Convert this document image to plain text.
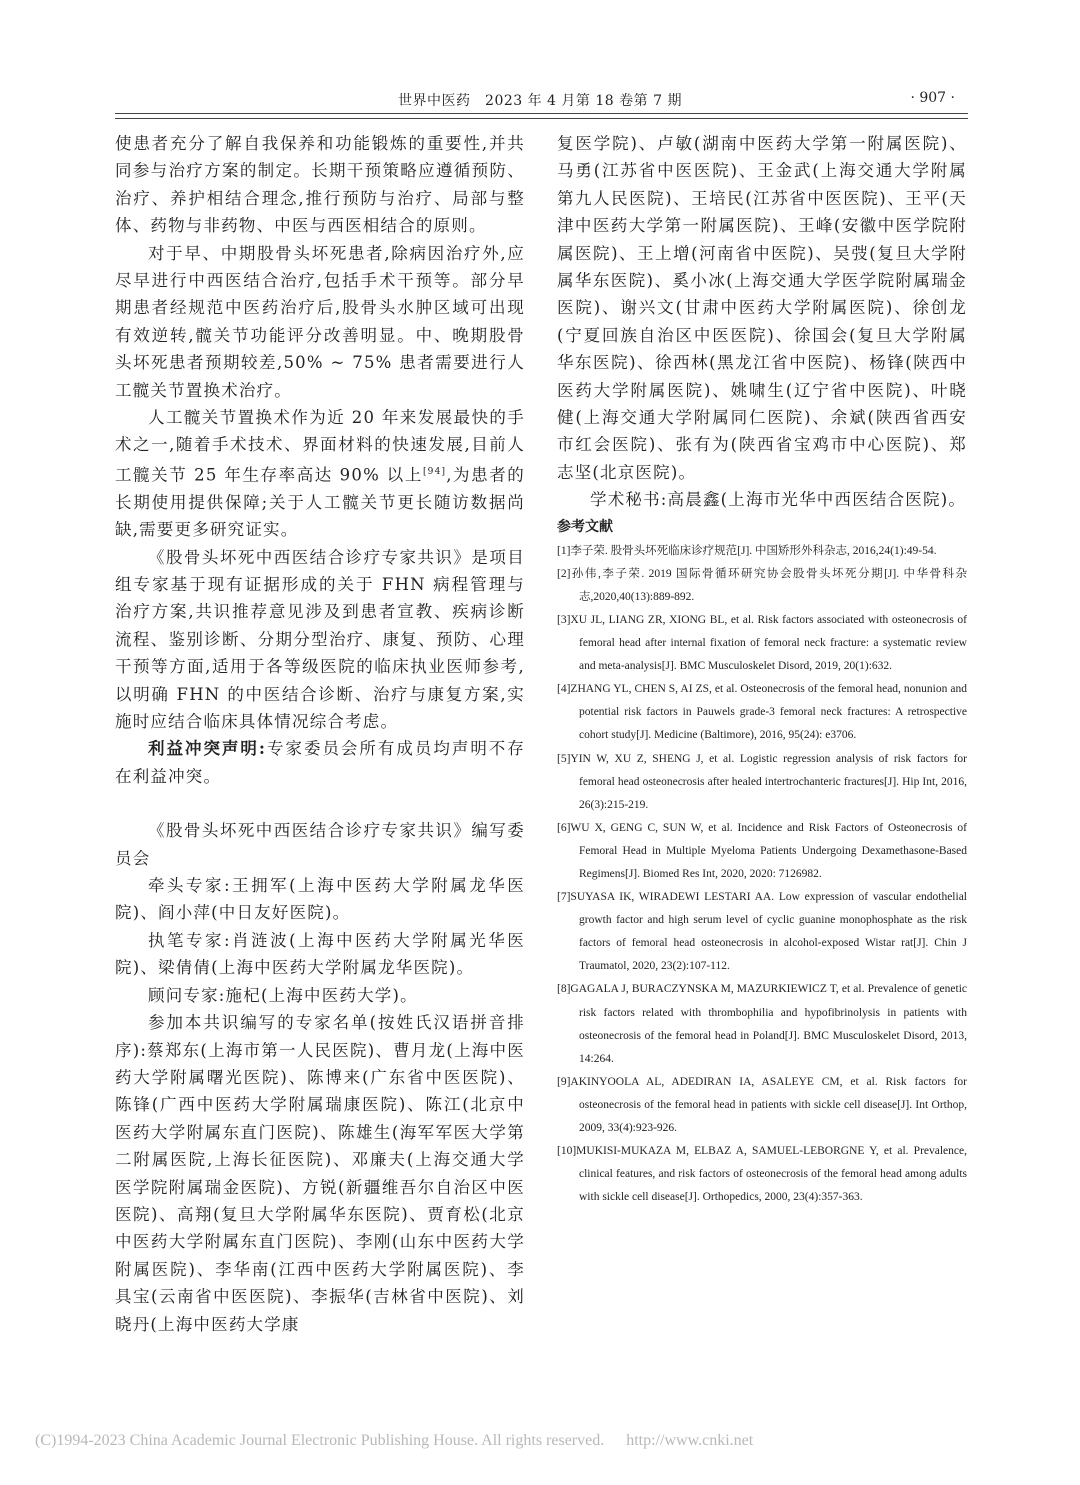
世界中医药　2023 年 4 月第 18 卷第 7 期	· 907 ·

使患者充分了解自我保养和功能锻炼的重要性,并共同参与治疗方案的制定。长期干预策略应遵循预防、治疗、养护相结合理念,推行预防与治疗、局部与整体、药物与非药物、中医与西医相结合的原则。

对于早、中期股骨头坏死患者,除病因治疗外,应尽早进行中西医结合治疗,包括手术干预等。部分早期患者经规范中医药治疗后,股骨头水肿区域可出现有效逆转,髋关节功能评分改善明显。中、晚期股骨头坏死患者预期较差,50% ~ 75% 患者需要进行人工髋关节置换术治疗。

人工髋关节置换术作为近 20 年来发展最快的手术之一,随着手术技术、界面材料的快速发展,目前人工髋关节 25 年生存率高达 90% 以上[94],为患者的长期使用提供保障;关于人工髋关节更长随访数据尚缺,需要更多研究证实。

《股骨头坏死中西医结合诊疗专家共识》是项目组专家基于现有证据形成的关于 FHN 病程管理与治疗方案,共识推荐意见涉及到患者宣教、疾病诊断流程、鉴别诊断、分期分型治疗、康复、预防、心理干预等方面,适用于各等级医院的临床执业医师参考,以明确 FHN 的中医结合诊断、治疗与康复方案,实施时应结合临床具体情况综合考虑。

利益冲突声明:专家委员会所有成员均声明不存在利益冲突。

《股骨头坏死中西医结合诊疗专家共识》编写委员会

牵头专家:王拥军(上海中医药大学附属龙华医院)、阎小萍(中日友好医院)。

执笔专家:肖涟波(上海中医药大学附属光华医院)、梁倩倩(上海中医药大学附属龙华医院)。

顾问专家:施杞(上海中医药大学)。

参加本共识编写的专家名单(按姓氏汉语拼音排序):蔡郑东(上海市第一人民医院)、曹月龙(上海中医药大学附属曙光医院)、陈博来(广东省中医医院)、陈锋(广西中医药大学附属瑞康医院)、陈江(北京中医药大学附属东直门医院)、陈雄生(海军军医大学第二附属医院,上海长征医院)、邓廉夫(上海交通大学医学院附属瑞金医院)、方锐(新疆维吾尔自治区中医医院)、高翔(复旦大学附属华东医院)、贾育松(北京中医药大学附属东直门医院)、李刚(山东中医药大学附属医院)、李华南(江西中医药大学附属医院)、李具宝(云南省中医医院)、李振华(吉林省中医院)、刘晓丹(上海中医药大学康

复医学院)、卢敏(湖南中医药大学第一附属医院)、马勇(江苏省中医医院)、王金武(上海交通大学附属第九人民医院)、王培民(江苏省中医医院)、王平(天津中医药大学第一附属医院)、王峰(安徽中医学院附属医院)、王上增(河南省中医院)、吴弢(复旦大学附属华东医院)、奚小冰(上海交通大学医学院附属瑞金医院)、谢兴文(甘肃中医药大学附属医院)、徐创龙(宁夏回族自治区中医医院)、徐国会(复旦大学附属华东医院)、徐西林(黑龙江省中医院)、杨锋(陕西中医药大学附属医院)、姚啸生(辽宁省中医院)、叶晓健(上海交通大学附属同仁医院)、余斌(陕西省西安市红会医院)、张有为(陕西省宝鸡市中心医院)、郑志坚(北京医院)。

学术秘书:高晨鑫(上海市光华中西医结合医院)。

参考文献
[1]李子荣. 股骨头坏死临床诊疗规范[J]. 中国矫形外科杂志, 2016,24(1):49-54.
[2]孙伟,李子荣. 2019 国际骨循环研究协会股骨头坏死分期[J]. 中华骨科杂志,2020,40(13):889-892.
[3]XU JL, LIANG ZR, XIONG BL, et al. Risk factors associated with osteonecrosis of femoral head after internal fixation of femoral neck fracture: a systematic review and meta-analysis[J]. BMC Musculoskelet Disord, 2019, 20(1):632.
[4]ZHANG YL, CHEN S, AI ZS, et al. Osteonecrosis of the femoral head, nonunion and potential risk factors in Pauwels grade-3 femoral neck fractures: A retrospective cohort study[J]. Medicine (Baltimore), 2016, 95(24): e3706.
[5]YIN W, XU Z, SHENG J, et al. Logistic regression analysis of risk factors for femoral head osteonecrosis after healed intertrochanteric fractures[J]. Hip Int, 2016, 26(3):215-219.
[6]WU X, GENG C, SUN W, et al. Incidence and Risk Factors of Osteonecrosis of Femoral Head in Multiple Myeloma Patients Undergoing Dexamethasone-Based Regimens[J]. Biomed Res Int, 2020, 2020: 7126982.
[7]SUYASA IK, WIRADEWI LESTARI AA. Low expression of vascular endothelial growth factor and high serum level of cyclic guanine monophosphate as the risk factors of femoral head osteonecrosis in alcohol-exposed Wistar rat[J]. Chin J Traumatol, 2020, 23(2):107-112.
[8]GAGALA J, BURACZYNSKA M, MAZURKIEWICZ T, et al. Prevalence of genetic risk factors related with thrombophilia and hypofibrinolysis in patients with osteonecrosis of the femoral head in Poland[J]. BMC Musculoskelet Disord, 2013, 14:264.
[9]AKINYOOLA AL, ADEDIRAN IA, ASALEYE CM, et al. Risk factors for osteonecrosis of the femoral head in patients with sickle cell disease[J]. Int Orthop, 2009, 33(4):923-926.
[10]MUKISI-MUKAZA M, ELBAZ A, SAMUEL-LEBORGNE Y, et al. Prevalence, clinical features, and risk factors of osteonecrosis of the femoral head among adults with sickle cell disease[J]. Orthopedics, 2000, 23(4):357-363.
(C)1994-2023 China Academic Journal Electronic Publishing House. All rights reserved. http://www.cnki.net
